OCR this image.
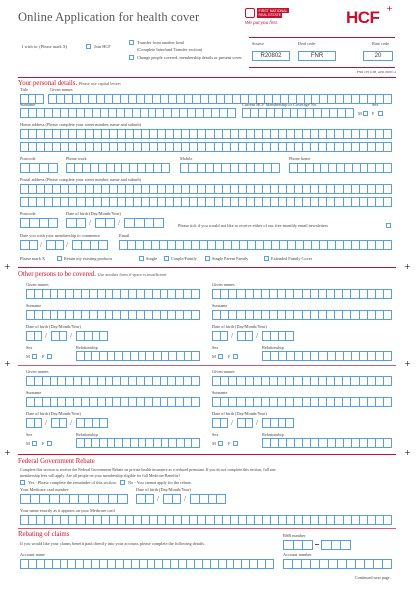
Online Application for health cover	FIRST NATIONAL
REAL ESTATE
We put you first.	HCF +
I wish to: (Please mark X)	Join HCF
Transfer from another fund
(Complete Interfund Transfer section)
Change people covered, membership details or present cover.
Source
R20802
Deal code
FNR
Rate code
20
FNR CH 1108_APR 2008 v.1
Your personal details. Please use capital letters
Title	Given names
Surname	Current HCF Membership or Coverage No.	Sex
M F
Home address (Please complete your street number, name and suburb)
Postcode	Phone work	Mobile	Phone home
Postal address (Please complete your street number, name and suburb)
Postcode	Date of birth (Day/Month/Year)
/	/	Please tick if you would not like to receive either of our free monthly email newsletters
Date you wish your membership to commence	Email
/	/
Please mark X	Retain my existing products	Single	Couple/Family	Single Parent Family	Extended Family Cover
+	+
Other persons to be covered. Use another form if space is insufficient
Given names
Surname
Date of birth (Day/Month/Year)
/	/
Sex	Relationship
M	F
Given names
Surname
Date of birth (Day/Month/Year)
/	/
Sex	Relationship
M	F
+	+
Given names
Surname
Date of birth (Day/Month/Year)
/	/
Sex	Relationship
M	F
Given names
Surname
Date of birth (Day/Month/Year)
/	/
Sex	Relationship
M	F
+	+
Federal Government Rebate
Complete this section to receive the Federal Government Rebate on private health insurance as a reduced premium. If you do not complete this section, full rate
membership fees will apply. Are all people on your membership eligible for full Medicare Benefits?
Yes - Please complete the remainder of this section.	No - You cannot apply for the rebate.
Your Medicare card number	Date of birth (Day/Month/Year)
/	/
Your name exactly as it appears on your Medicare card
Rebating of claims
If you would like your claims benefit paid directly into your account, please complete the following details.
BSB number
Account name	Account number
Continued next page
